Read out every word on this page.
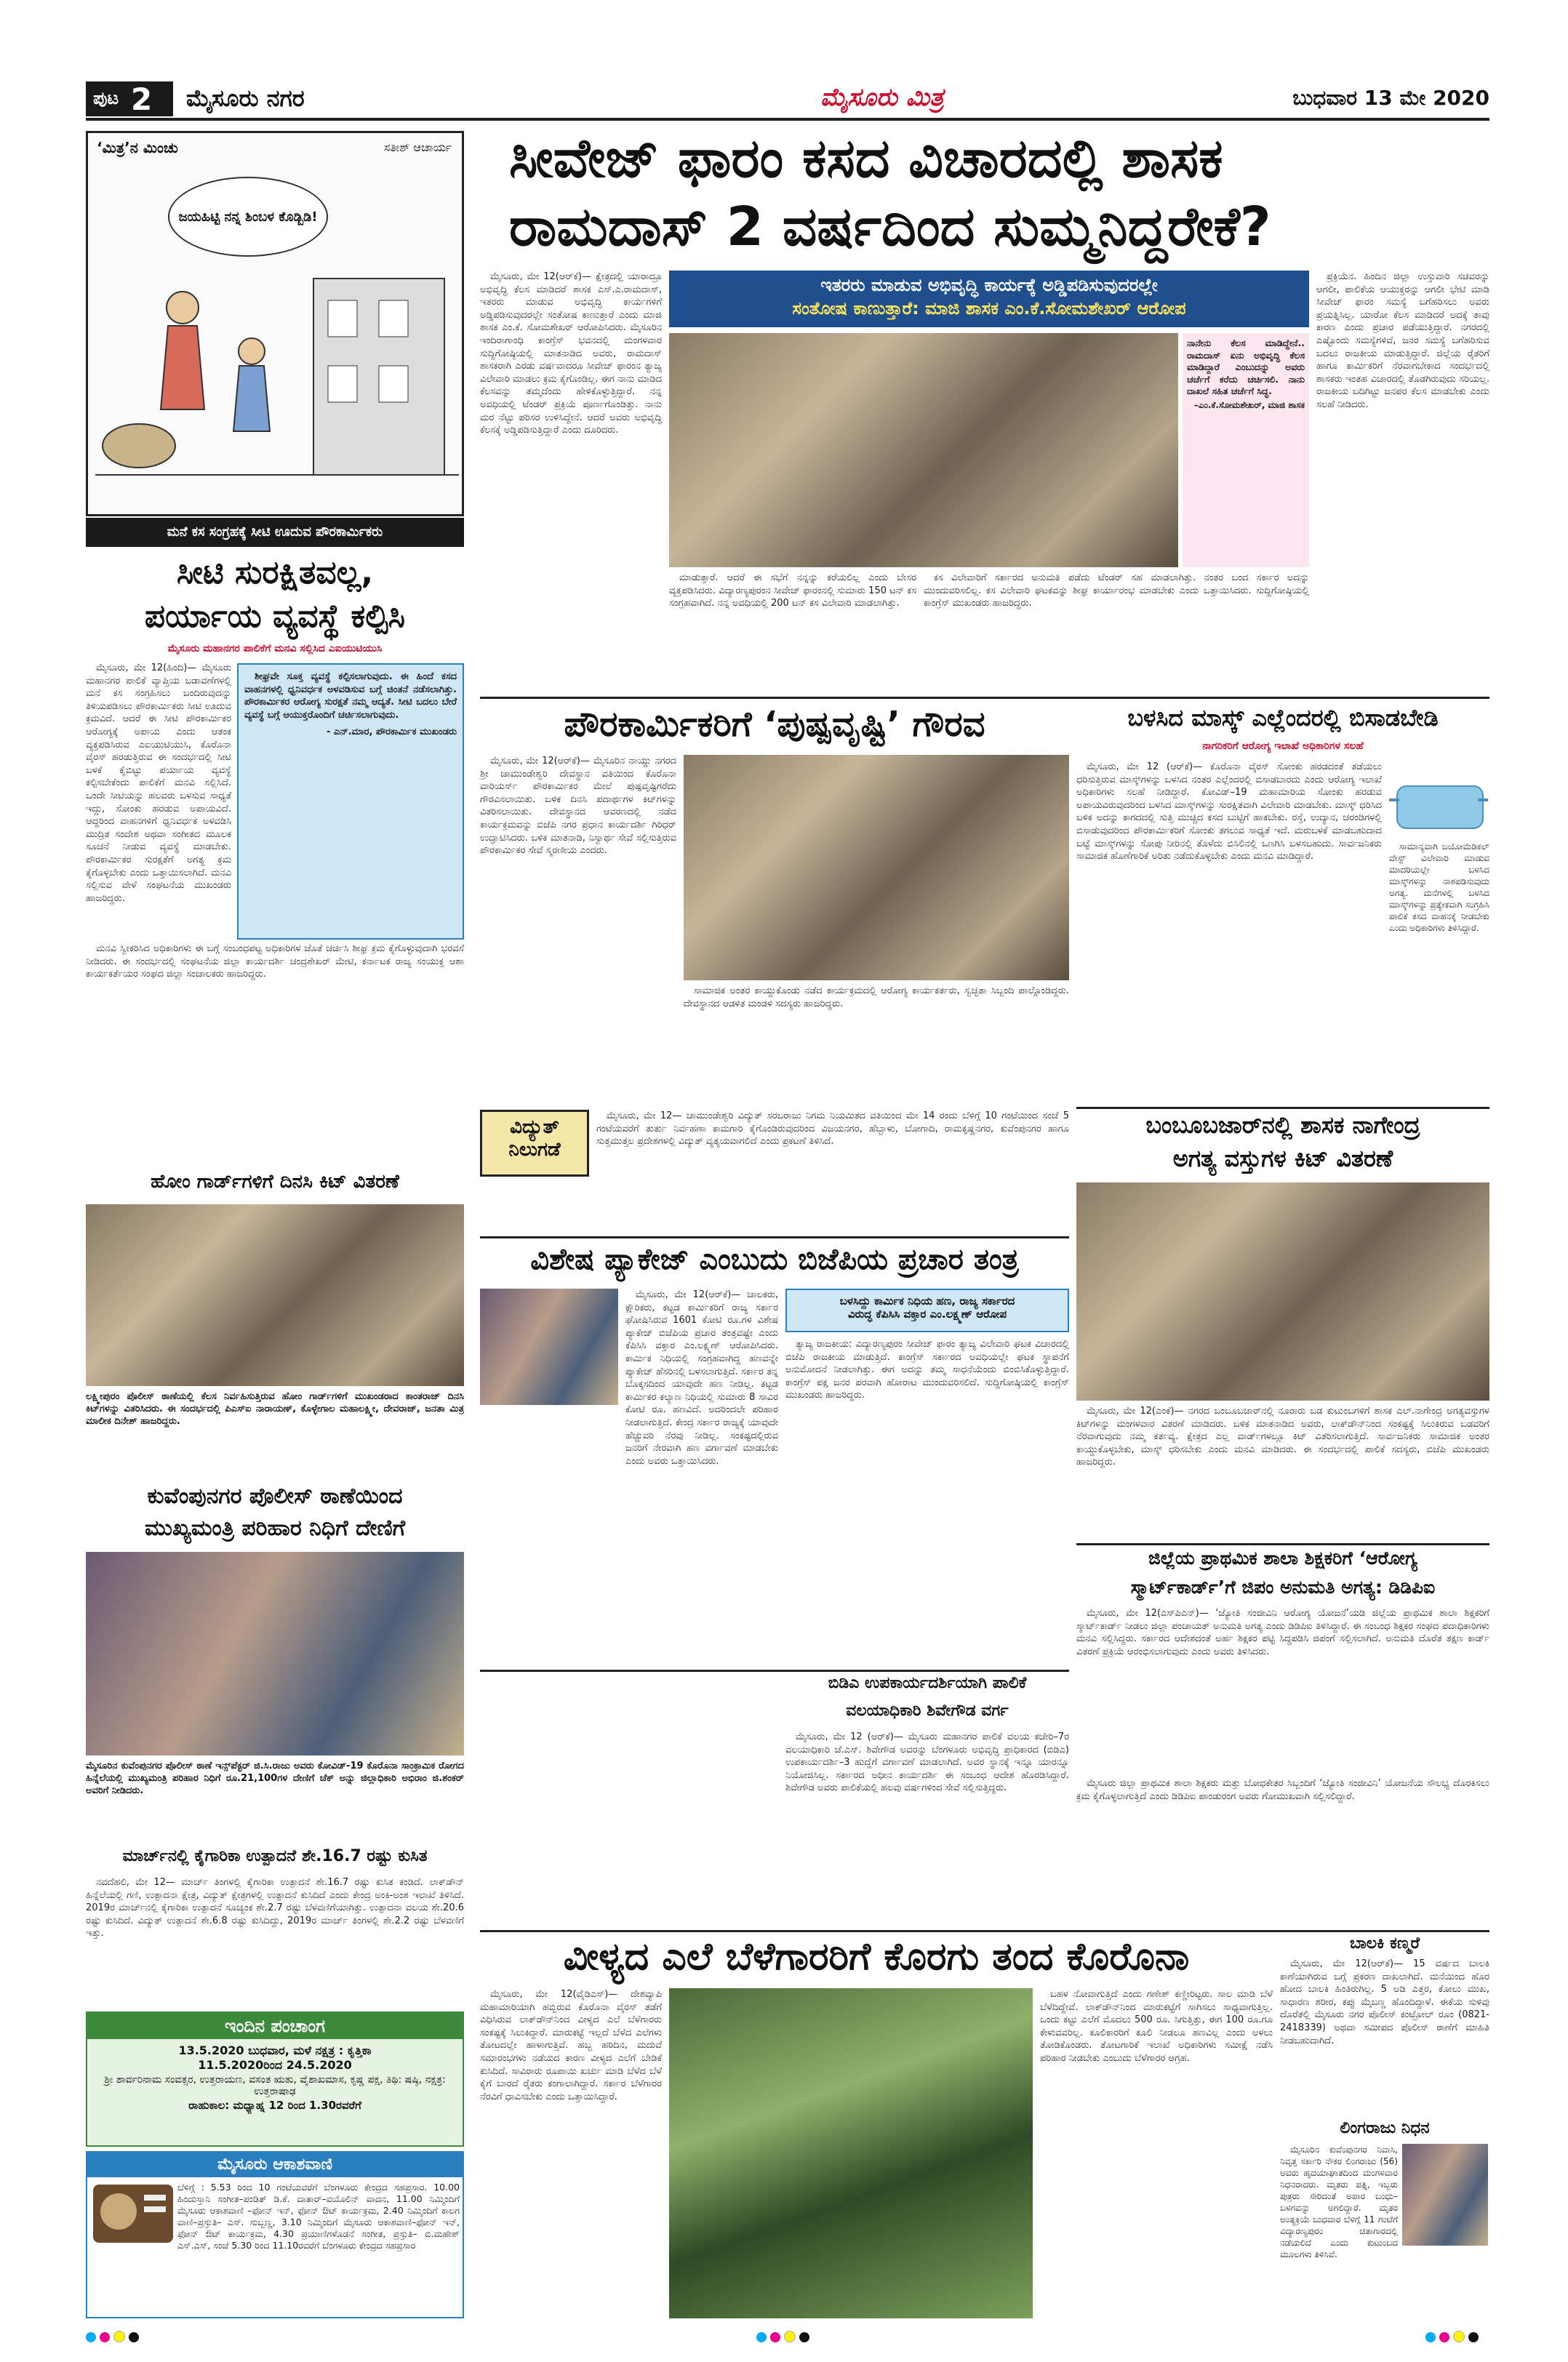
ಪುಟ 2 ಮೈಸೂರು ನಗರ	ಮೈಸೂರು ಮಿತ್ರ	ಬುಧವಾರ 13 ಮೇ 2020
‘ಮಿತ್ರ’ನ ಮಿಂಚು	ಸತೀಶ್ ಆಚಾರ್ಯ
ಜಯಹಿಟ್ಟಿ ನನ್ನ ಶಿಂಬಳ ಕೊಡ್ಬಿಡಿ!
ಮನೆ ಕಸ ಸಂಗ್ರಹಕ್ಕೆ ಸೀಟಿ ಊದುವ ಪೌರಕಾರ್ಮಿಕರು
ಸೀಟಿ ಸುರಕ್ಷಿತವಲ್ಲ,
ಪರ್ಯಾಯ ವ್ಯವಸ್ಥೆ ಕಲ್ಪಿಸಿ
ಮೈಸೂರು ಮಹಾನಗರ ಪಾಲಿಕೆಗೆ ಮನವಿ ಸಲ್ಲಿಸಿದ ಎಐಯುಟಿಯುಸಿ

ಮೈಸೂರು, ಮೇ 12(ಹಿಂದಿ)— ಮೈಸೂರು ಮಹಾನಗರ ಪಾಲಿಕೆ ವ್ಯಾಪ್ತಿಯ ಬಡಾವಣೆಗಳಲ್ಲಿ ಮನೆ ಕಸ ಸಂಗ್ರಹಿಸಲು ಬಂದಿರುವುದನ್ನು ತಿಳಿಯಪಡಿಸಲು ಪೌರಕಾರ್ಮಿಕರು ಸೀಟಿ ಊದುವ ಕ್ರಮವಿದೆ. ಆದರೆ ಈ ಸೀಟಿ ಪೌರಕಾರ್ಮಿಕರ ಆರೋಗ್ಯಕ್ಕೆ ಅಪಾಯ ಎಂದು ಆತಂಕ ವ್ಯಕ್ತಪಡಿಸಿರುವ ಎಐಯುಟಿಯುಸಿ, ಕೊರೊನಾ ವೈರಸ್ ಹರಡುತ್ತಿರುವ ಈ ಸಂದರ್ಭದಲ್ಲಿ ಸೀಟಿ ಬಳಕೆ ಕೈಬಿಟ್ಟು ಪರ್ಯಾಯ ವ್ಯವಸ್ಥೆ ಕಲ್ಪಿಸಬೇಕೆಂದು ಪಾಲಿಕೆಗೆ ಮನವಿ ಸಲ್ಲಿಸಿದೆ. ಒಂದೇ ಸೀಟಿಯನ್ನು ಹಲವರು ಬಳಸುವ ಸಾಧ್ಯತೆ ಇದ್ದು, ಸೋಂಕು ಹರಡುವ ಅಪಾಯವಿದೆ. ಆದ್ದರಿಂದ ವಾಹನಗಳಿಗೆ ಧ್ವನಿವರ್ಧಕ ಅಳವಡಿಸಿ ಮುದ್ರಿತ ಸಂದೇಶ ಅಥವಾ ಸಂಗೀತದ ಮೂಲಕ ಸೂಚನೆ ನೀಡುವ ವ್ಯವಸ್ಥೆ ಮಾಡಬೇಕು. ಪೌರಕಾರ್ಮಿಕರ ಸುರಕ್ಷತೆಗೆ ಅಗತ್ಯ ಕ್ರಮ ಕೈಗೊಳ್ಳಬೇಕು ಎಂದು ಒತ್ತಾಯಿಸಲಾಗಿದೆ. ಮನವಿ ಸಲ್ಲಿಸುವ ವೇಳೆ ಸಂಘಟನೆಯ ಮುಖಂಡರು ಹಾಜರಿದ್ದರು.

ಶೀಘ್ರವೇ ಸೂಕ್ತ ವ್ಯವಸ್ಥೆ ಕಲ್ಪಿಸಲಾಗುವುದು. ಈ ಹಿಂದೆ ಕಸದ ವಾಹನಗಳಲ್ಲಿ ಧ್ವನಿವರ್ಧಕ ಅಳವಡಿಸುವ ಬಗ್ಗೆ ಚಿಂತನೆ ನಡೆಸಲಾಗಿತ್ತು. ಪೌರಕಾರ್ಮಿಕರ ಆರೋಗ್ಯ ಸುರಕ್ಷತೆ ನಮ್ಮ ಆದ್ಯತೆ. ಸೀಟಿ ಬದಲು ಬೇರೆ ವ್ಯವಸ್ಥೆ ಬಗ್ಗೆ ಆಯುಕ್ತರೊಂದಿಗೆ ಚರ್ಚಿಸಲಾಗುವುದು.

- ಎನ್.ಮಾರ, ಪೌರಕಾರ್ಮಿಕ ಮುಖಂಡರು

ಮನವಿ ಸ್ವೀಕರಿಸಿದ ಅಧಿಕಾರಿಗಳು ಈ ಬಗ್ಗೆ ಸಂಬಂಧಪಟ್ಟ ಅಧಿಕಾರಿಗಳ ಜೊತೆ ಚರ್ಚಿಸಿ ಶೀಘ್ರ ಕ್ರಮ ಕೈಗೊಳ್ಳುವುದಾಗಿ ಭರವಸೆ ನೀಡಿದರು. ಈ ಸಂದರ್ಭದಲ್ಲಿ ಸಂಘಟನೆಯ ಜಿಲ್ಲಾ ಕಾರ್ಯದರ್ಶಿ ಚಂದ್ರಶೇಖರ್ ಮೇಟಿ, ಕರ್ನಾಟಕ ರಾಜ್ಯ ಸಂಯುಕ್ತ ಆಶಾ ಕಾರ್ಯಕರ್ತೆಯರ ಸಂಘದ ಜಿಲ್ಲಾ ಸಂಚಾಲಕರು ಹಾಜರಿದ್ದರು.

ಹೋಂ ಗಾರ್ಡ್‌ಗಳಿಗೆ ದಿನಸಿ ಕಿಟ್ ವಿತರಣೆ
ಲಕ್ಷ್ಮೀಪುರಂ ಪೊಲೀಸ್ ಠಾಣೆಯಲ್ಲಿ ಕೆಲಸ ನಿರ್ವಹಿಸುತ್ತಿರುವ ಹೋಂ ಗಾರ್ಡ್‌ಗಳಿಗೆ ಮುಖಂಡರಾದ ಕಾಂತರಾಜ್ ದಿನಸಿ ಕಿಟ್‌ಗಳನ್ನು ವಿತರಿಸಿದರು. ಈ ಸಂದರ್ಭದಲ್ಲಿ ಪಿಎಸ್‌ಐ ನಾರಾಯಣ್, ಕೊಳ್ಳೇಗಾಲ ಮಹಾಲಕ್ಷ್ಮೀ, ದೇವರಾಜ್, ಜನತಾ ಮಿತ್ರ ಮಾಲೀಕ ದಿನೇಶ್ ಹಾಜರಿದ್ದರು.
ಕುವೆಂಪುನಗರ ಪೊಲೀಸ್ ಠಾಣೆಯಿಂದ
ಮುಖ್ಯಮಂತ್ರಿ ಪರಿಹಾರ ನಿಧಿಗೆ ದೇಣಿಗೆ
ಮೈಸೂರಿನ ಕುವೆಂಪುನಗರ ಪೊಲೀಸ್ ಠಾಣೆ ಇನ್ಸ್‌ಪೆಕ್ಟರ್ ಜಿ.ಸಿ.ರಾಜು ಅವರು ಕೋವಿಡ್-19 ಕೊರೊನಾ ಸಾಂಕ್ರಾಮಿಕ ರೋಗದ ಹಿನ್ನೆಲೆಯಲ್ಲಿ ಮುಖ್ಯಮಂತ್ರಿ ಪರಿಹಾರ ನಿಧಿಗೆ ರೂ.21,100ಗಳ ದೇಣಿಗೆ ಚೆಕ್ ಅನ್ನು ಜಿಲ್ಲಾಧಿಕಾರಿ ಅಭಿರಾಂ ಜಿ.ಶಂಕರ್ ಅವರಿಗೆ ನೀಡಿದರು.
ಮಾರ್ಚ್‌ನಲ್ಲಿ ಕೈಗಾರಿಕಾ ಉತ್ಪಾದನೆ ಶೇ.16.7 ರಷ್ಟು ಕುಸಿತ

ನವದೆಹಲಿ, ಮೇ 12— ಮಾರ್ಚ್ ತಿಂಗಳಲ್ಲಿ ಕೈಗಾರಿಕಾ ಉತ್ಪಾದನೆ ಶೇ.16.7 ರಷ್ಟು ಕುಸಿತ ಕಂಡಿದೆ. ಲಾಕ್‌ಡೌನ್ ಹಿನ್ನೆಲೆಯಲ್ಲಿ ಗಣಿ, ಉತ್ಪಾದನಾ ಕ್ಷೇತ್ರ, ವಿದ್ಯುತ್ ಕ್ಷೇತ್ರಗಳಲ್ಲಿ ಉತ್ಪಾದನೆ ಕುಸಿದಿದೆ ಎಂದು ಕೇಂದ್ರ ಅಂಕಿ-ಅಂಶ ಇಲಾಖೆ ತಿಳಿಸಿದೆ. 2019ರ ಮಾರ್ಚ್‌ನಲ್ಲಿ ಕೈಗಾರಿಕಾ ಉತ್ಪಾದನೆ ಸೂಚ್ಯಂಕ ಶೇ.2.7 ರಷ್ಟು ಬೆಳವಣಿಗೆಯಾಗಿತ್ತು. ಉತ್ಪಾದನಾ ವಲಯ ಶೇ.20.6 ರಷ್ಟು ಕುಸಿದಿದೆ. ವಿದ್ಯುತ್ ಉತ್ಪಾದನೆ ಶೇ.6.8 ರಷ್ಟು ಕುಸಿದಿದ್ದು, 2019ರ ಮಾರ್ಚ್ ತಿಂಗಳಲ್ಲಿ ಶೇ.2.2 ರಷ್ಟು ಬೆಳವಣಿಗೆ ಇತ್ತು.

ಇಂದಿನ ಪಂಚಾಂಗ
13.5.2020 ಬುಧವಾರ, ಮಳೆ ನಕ್ಷತ್ರ : ಕೃತ್ತಿಕಾ
11.5.2020ರಿಂದ 24.5.2020
ಶ್ರೀ ಶಾರ್ವರಿನಾಮ ಸಂವತ್ಸರ, ಉತ್ತರಾಯಣ, ವಸಂತ ಋತು, ವೈಶಾಖಮಾಸ, ಕೃಷ್ಣ ಪಕ್ಷ, ತಿಥಿ: ಷಷ್ಠಿ, ನಕ್ಷತ್ರ: ಉತ್ತರಾಷಾಢ
ರಾಹುಕಾಲ: ಮಧ್ಯಾಹ್ನ 12 ರಿಂದ 1.30ರವರೆಗೆ
ಮೈಸೂರು ಆಕಾಶವಾಣಿ

ಬೆಳಿಗ್ಗೆ : 5.53 ರಿಂದ 10 ಗಂಟೆಯವರೆಗೆ ಬೆಂಗಳೂರು ಕೇಂದ್ರದ ಸಹಪ್ರಸಾರ. 10.00 ಹಿಂದುಸ್ತಾನಿ ಸಂಗೀತ–ಪಂಡಿತ್ ಡಿ.ಕೆ. ದಾತಾರ್–ವಯೊಲಿನ್ ವಾದನ, 11.00 ನಿಮ್ಮಿಂದಿಗೆ ಮೈಸೂರು ಆಕಾಶವಾಣಿ –ಫೋನ್ ಇನ್, ಫೋನ್ ಔಟ್ ಕಾರ್ಯಕ್ರಮ, 2.40 ನಿಮ್ಮಿಂದಿಗೆ ಕಾಲಗ ವಾಣಿ–ಪ್ರಸ್ತುತಿ– ಎಸ್. ಸುಬ್ಬಣ್ಣ, 3.10 ನಿಮ್ಮಿಂದಿಗೆ ಮೈಸೂರು ಆಕಾಶವಾಣಿ–ಫೋನ್ ಇನ್, ಫೋನ್ ಔಟ್ ಕಾರ್ಯಕ್ರಮ, 4.30 ಪ್ರಯಾಣಿಗಳೊಡನೆ ಸಂಗೀತ, ಪ್ರಸ್ತುತಿ– ಬಿ.ಮಹೇಶ್ ಎಸ್.ಎಸ್, ಸಂಜೆ 5.30 ರಿಂದ 11.10ರವರೆಗೆ ಬೆಂಗಳೂರು ಕೇಂದ್ರದ ಸಹಪ್ರಸಾರ

ಸೀವೇಜ್ ಫಾರಂ ಕಸದ ವಿಚಾರದಲ್ಲಿ ಶಾಸಕ
ರಾಮದಾಸ್ 2 ವರ್ಷದಿಂದ ಸುಮ್ಮನಿದ್ದರೇಕೆ?

ಮೈಸೂರು, ಮೇ 12(ಆರ್‌ಕೆ)— ಕ್ಷೇತ್ರದಲ್ಲಿ ಯಾರಾದ್ರೂ ಅಭಿವೃದ್ಧಿ ಕೆಲಸ ಮಾಡಿದರೆ ಶಾಸಕ ಎಸ್.ಎ.ರಾಮದಾಸ್, ಇತರರು ಮಾಡುವ ಅಭಿವೃದ್ಧಿ ಕಾರ್ಯಗಳಿಗೆ ಅಡ್ಡಿಪಡಿಸುವುದರಲ್ಲೇ ಸಂತೋಷ ಕಾಣುತ್ತಾರೆ ಎಂದು ಮಾಜಿ ಶಾಸಕ ಎಂ.ಕೆ. ಸೋಮಶೇಖರ್ ಆರೋಪಿಸಿದರು. ಮೈಸೂರಿನ ಇಂದಿರಾಗಾಂಧಿ ಕಾಂಗ್ರೆಸ್ ಭವನದಲ್ಲಿ ಮಂಗಳವಾರ ಸುದ್ದಿಗೋಷ್ಠಿಯಲ್ಲಿ ಮಾತನಾಡಿದ ಅವರು, ರಾಮದಾಸ್ ಶಾಸಕರಾಗಿ ಎರಡು ವರ್ಷವಾದರೂ ಸೀವೇಜ್ ಫಾರಂನ ತ್ಯಾಜ್ಯ ವಿಲೇವಾರಿ ಮಾಡಲು ಕ್ರಮ ಕೈಗೊಂಡಿಲ್ಲ. ಈಗ ನಾನು ಮಾಡಿದ ಕೆಲಸವನ್ನು ತಮ್ಮದೆಂದು ಹೇಳಿಕೊಳ್ಳುತ್ತಿದ್ದಾರೆ. ನನ್ನ ಅವಧಿಯಲ್ಲಿ ಟೆಂಡರ್ ಪ್ರಕ್ರಿಯೆ ಪೂರ್ಣಗೊಂಡಿತ್ತು. ನಾನು ಮರ ನೆಟ್ಟು ಪರಿಸರ ಉಳಿಸಿದ್ದೇನೆ. ಆದರೆ ಅವರು ಅಭಿವೃದ್ಧಿ ಕೆಲಸಕ್ಕೆ ಅಡ್ಡಿಪಡಿಸುತ್ತಿದ್ದಾರೆ ಎಂದು ದೂರಿದರು.

ಇತರರು ಮಾಡುವ ಅಭಿವೃದ್ಧಿ ಕಾರ್ಯಕ್ಕೆ ಅಡ್ಡಿಪಡಿಸುವುದರಲ್ಲೇ
ಸಂತೋಷ ಕಾಣುತ್ತಾರೆ: ಮಾಜಿ ಶಾಸಕ ಎಂ.ಕೆ.ಸೋಮಶೇಖರ್ ಆರೋಪ

ನಾನೇನು ಕೆಲಸ ಮಾಡಿದ್ದೇನೆ.. ರಾಮದಾಸ್ ಏನು ಅಭಿವೃದ್ಧಿ ಕೆಲಸ ಮಾಡಿದ್ದಾರೆ ಎಂಬುದನ್ನು ಅವರು ಚರ್ಚೆಗೆ ಕರೆದು ಚರ್ಚಿಸಲಿ. ನಾನು ದಾಖಲೆ ಸಹಿತ ಚರ್ಚೆಗೆ ಸಿದ್ಧ.

–ಎಂ.ಕೆ.ಸೋಮಶೇಖರ್, ಮಾಜಿ ಶಾಸಕ

ಮಾಡುತ್ತಾರೆ. ಆದರೆ ಈ ಸಭೆಗೆ ನನ್ನನ್ನು ಕರೆಯಲಿಲ್ಲ ಎಂದು ಬೇಸರ ವ್ಯಕ್ತಪಡಿಸಿದರು. ವಿದ್ಯಾರಣ್ಯಪುರಂನ ಸೀವೇಜ್ ಫಾರಂನಲ್ಲಿ ಸುಮಾರು 150 ಟನ್ ಕಸ ಸಂಗ್ರಹವಾಗಿದೆ. ನನ್ನ ಅವಧಿಯಲ್ಲಿ 200 ಟನ್ ಕಸ ವಿಲೇವಾರಿ ಮಾಡಲಾಗಿತ್ತು.

ಕಸ ವಿಲೇವಾರಿಗೆ ಸರ್ಕಾರದ ಅನುಮತಿ ಪಡೆದು ಟೆಂಡರ್ ಸಹ ಮಾಡಲಾಗಿತ್ತು. ನಂತರ ಬಂದ ಸರ್ಕಾರ ಅದನ್ನು ಮುಂದುವರಿಸಲಿಲ್ಲ. ಕಸ ವಿಲೇವಾರಿ ಘಟಕವನ್ನು ಶೀಘ್ರ ಕಾರ್ಯಾರಂಭ ಮಾಡಬೇಕು ಎಂದು ಒತ್ತಾಯಿಸಿದರು. ಸುದ್ದಿಗೋಷ್ಠಿಯಲ್ಲಿ ಕಾಂಗ್ರೆಸ್ ಮುಖಂಡರು ಹಾಜರಿದ್ದರು.

ಪ್ರಕ್ರಿಯೆನ. ಹಿಂದಿನ ಜಿಲ್ಲಾ ಉಸ್ತುವಾರಿ ಸಚಿವರನ್ನು ಆಗಲೀ, ಪಾಲಿಕೆಯ ಆಯುಕ್ತರನ್ನು ಆಗಲೀ ಭೇಟಿ ಮಾಡಿ ಸೀವೇಜ್ ಫಾರಂ ಸಮಸ್ಯೆ ಬಗೆಹರಿಸಲು ಅವರು ಪ್ರಯತ್ನಿಸಿಲ್ಲ. ಯಾರೋ ಕೆಲಸ ಮಾಡಿದರೆ ಅದಕ್ಕೆ ತಾವು ಕಾರಣ ಎಂದು ಪ್ರಚಾರ ಪಡೆಯುತ್ತಿದ್ದಾರೆ. ನಗರದಲ್ಲಿ ಎಷ್ಟೊಂದು ಸಮಸ್ಯೆಗಳಿವೆ, ಜನರ ಸಮಸ್ಯೆ ಬಗೆಹರಿಸುವ ಬದಲು ರಾಜಕೀಯ ಮಾಡುತ್ತಿದ್ದಾರೆ. ಜಿಲ್ಲೆಯ ರೈತರಿಗೆ ಹಾಗೂ ಕಾರ್ಮಿಕರಿಗೆ ನೆರವಾಗಬೇಕಾದ ಸಂದರ್ಭದಲ್ಲಿ ಶಾಸಕರು ಇಂತಹ ವಿಚಾರದಲ್ಲಿ ತೊಡಗಿರುವುದು ಸರಿಯಲ್ಲ. ರಾಜಕೀಯ ಬದಿಗಿಟ್ಟು ಜನಪರ ಕೆಲಸ ಮಾಡಬೇಕು ಎಂದು ಸಲಹೆ ನೀಡಿದರು.

ಪೌರಕಾರ್ಮಿಕರಿಗೆ ‘ಪುಷ್ಪವೃಷ್ಟಿ’ ಗೌರವ

ಮೈಸೂರು, ಮೇ 12(ಆರ್‌ಕೆ)— ಮೈಸೂರಿನ ನಾಯ್ಡು ನಗರದ ಶ್ರೀ ಚಾಮುಂಡೇಶ್ವರಿ ದೇವಸ್ಥಾನ ವತಿಯಿಂದ ಕೊರೊನಾ ವಾರಿಯರ್ಸ್ ಪೌರಕಾರ್ಮಿಕರ ಮೇಲೆ ಪುಷ್ಪವೃಷ್ಟಿಗರೆದು ಗೌರವಿಸಲಾಯಿತು. ಬಳಿಕ ದಿನಸಿ ಪದಾರ್ಥಗಳ ಕಿಟ್‌ಗಳನ್ನು ವಿತರಿಸಲಾಯಿತು. ದೇವಸ್ಥಾನದ ಆವರಣದಲ್ಲಿ ನಡೆದ ಕಾರ್ಯಕ್ರಮವನ್ನು ಬಿಜೆಪಿ ನಗರ ಪ್ರಧಾನ ಕಾರ್ಯದರ್ಶಿ ಗಿರಿಧರ್ ಉದ್ಘಾಟಿಸಿದರು. ಬಳಿಕ ಮಾತನಾಡಿ, ನಿಸ್ವಾರ್ಥ ಸೇವೆ ಸಲ್ಲಿಸುತ್ತಿರುವ ಪೌರಕಾರ್ಮಿಕರ ಸೇವೆ ಸ್ಮರಣೀಯ ಎಂದರು.

ಸಾಮಾಜಿಕ ಅಂತರ ಕಾಯ್ದುಕೊಂಡು ನಡೆದ ಕಾರ್ಯಕ್ರಮದಲ್ಲಿ ಆರೋಗ್ಯ ಕಾರ್ಯಕರ್ತರು, ಸ್ವಚ್ಛತಾ ಸಿಬ್ಬಂದಿ ಪಾಲ್ಗೊಂಡಿದ್ದರು. ದೇವಸ್ಥಾನದ ಆಡಳಿತ ಮಂಡಳಿ ಸದಸ್ಯರು ಹಾಜರಿದ್ದರು.

ವಿದ್ಯುತ್
ನಿಲುಗಡೆ

ಮೈಸೂರು, ಮೇ 12— ಚಾಮುಂಡೇಶ್ವರಿ ವಿದ್ಯುತ್ ಸರಬರಾಜು ನಿಗಮ ನಿಯಮಿತದ ವತಿಯಿಂದ ಮೇ 14 ರಂದು ಬೆಳಿಗ್ಗೆ 10 ಗಂಟೆಯಿಂದ ಸಂಜೆ 5 ಗಂಟೆಯವರೆಗೆ ತುರ್ತು ನಿರ್ವಹಣಾ ಕಾಮಗಾರಿ ಕೈಗೊಂಡಿರುವುದರಿಂದ ವಿಜಯನಗರ, ಹೆಬ್ಬಾಳು, ಬೋಗಾದಿ, ರಾಮಕೃಷ್ಣನಗರ, ಕುವೆಂಪುನಗರ ಹಾಗೂ ಸುತ್ತಮುತ್ತಲ ಪ್ರದೇಶಗಳಲ್ಲಿ ವಿದ್ಯುತ್ ವ್ಯತ್ಯಯವಾಗಲಿದೆ ಎಂದು ಪ್ರಕಟಣೆ ತಿಳಿಸಿದೆ.

ವಿಶೇಷ ಪ್ಯಾಕೇಜ್ ಎಂಬುದು ಬಿಜೆಪಿಯ ಪ್ರಚಾರ ತಂತ್ರ
ಬಳಸಿದ್ದು ಕಾರ್ಮಿಕ ನಿಧಿಯ ಹಣ, ರಾಜ್ಯ ಸರ್ಕಾರದ
ವಿರುದ್ಧ ಕೆಪಿಸಿಸಿ ವಕ್ತಾರ ಎಂ.ಲಕ್ಷ್ಮಣ್ ಆರೋಪ

ಮೈಸೂರು, ಮೇ 12(ಆರ್‌ಕೆ)— ಚಾಲಕರು, ಕ್ಷೌರಿಕರು, ಕಟ್ಟಡ ಕಾರ್ಮಿಕರಿಗೆ ರಾಜ್ಯ ಸರ್ಕಾರ ಘೋಷಿಸಿರುವ 1601 ಕೋಟಿ ರೂ.ಗಳ ವಿಶೇಷ ಪ್ಯಾಕೇಜ್ ಬಿಜೆಪಿಯ ಪ್ರಚಾರ ತಂತ್ರವಷ್ಟೇ ಎಂದು ಕೆಪಿಸಿಸಿ ವಕ್ತಾರ ಎಂ.ಲಕ್ಷ್ಮಣ್ ಆರೋಪಿಸಿದರು. ಕಾರ್ಮಿಕ ನಿಧಿಯಲ್ಲಿ ಸಂಗ್ರಹವಾಗಿದ್ದ ಹಣವನ್ನೇ ಪ್ಯಾಕೇಜ್ ಹೆಸರಿನಲ್ಲಿ ಬಳಸಲಾಗುತ್ತಿದೆ. ಸರ್ಕಾರ ತನ್ನ ಬೊಕ್ಕಸದಿಂದ ಯಾವುದೇ ಹಣ ನೀಡಿಲ್ಲ. ಕಟ್ಟಡ ಕಾರ್ಮಿಕರ ಕಲ್ಯಾಣ ನಿಧಿಯಲ್ಲಿ ಸುಮಾರು 8 ಸಾವಿರ ಕೋಟಿ ರೂ. ಹಣವಿದೆ. ಅದರಿಂದಲೇ ಪರಿಹಾರ ನೀಡಲಾಗುತ್ತಿದೆ. ಕೇಂದ್ರ ಸರ್ಕಾರ ರಾಜ್ಯಕ್ಕೆ ಯಾವುದೇ ಹೆಚ್ಚುವರಿ ನೆರವು ನೀಡಿಲ್ಲ. ಸಂಕಷ್ಟದಲ್ಲಿರುವ ಜನರಿಗೆ ನೇರವಾಗಿ ಹಣ ವರ್ಗಾವಣೆ ಮಾಡಬೇಕು ಎಂದು ಅವರು ಒತ್ತಾಯಿಸಿದರು.

ತ್ಯಾಜ್ಯ ರಾಜಕೀಯ: ವಿದ್ಯಾರಣ್ಯಪುರಂ ಸೀವೇಜ್ ಫಾರಂ ತ್ಯಾಜ್ಯ ವಿಲೇವಾರಿ ಘಟಕ ವಿಚಾರದಲ್ಲಿ ಬಿಜೆಪಿ ರಾಜಕೀಯ ಮಾಡುತ್ತಿದೆ. ಕಾಂಗ್ರೆಸ್ ಸರ್ಕಾರದ ಅವಧಿಯಲ್ಲೇ ಘಟಕ ಸ್ಥಾಪನೆಗೆ ಅನುಮೋದನೆ ನೀಡಲಾಗಿತ್ತು. ಈಗ ಅದನ್ನು ತಮ್ಮ ಸಾಧನೆಯೆಂದು ಬಿಂಬಿಸಿಕೊಳ್ಳುತ್ತಿದ್ದಾರೆ. ಕಾಂಗ್ರೆಸ್ ಪಕ್ಷ ಜನರ ಪರವಾಗಿ ಹೋರಾಟ ಮುಂದುವರಿಸಲಿದೆ. ಸುದ್ದಿಗೋಷ್ಠಿಯಲ್ಲಿ ಕಾಂಗ್ರೆಸ್ ಮುಖಂಡರು ಹಾಜರಿದ್ದರು.

ಬಿಡಿಎ ಉಪಕಾರ್ಯದರ್ಶಿಯಾಗಿ ಪಾಲಿಕೆ
ವಲಯಾಧಿಕಾರಿ ಶಿವೇಗೌಡ ವರ್ಗ

ಮೈಸೂರು, ಮೇ 12 (ಆರ್‌ಕೆ)— ಮೈಸೂರು ಮಹಾನಗರ ಪಾಲಿಕೆ ವಲಯ ಕಚೇರಿ–7ರ ವಲಯಾಧಿಕಾರಿ ಜೆ.ಎಸ್. ಶಿವೇಗೌಡ ಅವರನ್ನು ಬೆಂಗಳೂರು ಅಭಿವೃದ್ಧಿ ಪ್ರಾಧಿಕಾರದ (ಬಿಡಿಎ) ಉಪಕಾರ್ಯದರ್ಶಿ–3 ಹುದ್ದೆಗೆ ವರ್ಗಾವಣೆ ಮಾಡಲಾಗಿದೆ. ಅವರ ಸ್ಥಾನಕ್ಕೆ ಇನ್ನೂ ಯಾರನ್ನೂ ನಿಯೋಜಿಸಿಲ್ಲ. ಸರ್ಕಾರದ ಅಧೀನ ಕಾರ್ಯದರ್ಶಿ ಈ ಸಂಬಂಧ ಆದೇಶ ಹೊರಡಿಸಿದ್ದಾರೆ. ಶಿವೇಗೌಡ ಅವರು ಪಾಲಿಕೆಯಲ್ಲಿ ಹಲವು ವರ್ಷಗಳಿಂದ ಸೇವೆ ಸಲ್ಲಿಸುತ್ತಿದ್ದರು.

ವೀಳ್ಯದ ಎಲೆ ಬೆಳೆಗಾರರಿಗೆ ಕೊರಗು ತಂದ ಕೊರೊನಾ

ಮೈಸೂರು, ಮೇ 12(ವೈಡಿಎಸ್)— ದೇಶವ್ಯಾಪಿ ಮಹಾಮಾರಿಯಾಗಿ ಹಬ್ಬಿರುವ ಕೊರೊನಾ ವೈರಸ್ ತಡೆಗೆ ವಿಧಿಸಿರುವ ಲಾಕ್‌ಡೌನ್‌ನಿಂದ ವೀಳ್ಯದ ಎಲೆ ಬೆಳೆಗಾರರು ಸಂಕಷ್ಟಕ್ಕೆ ಸಿಲುಕಿದ್ದಾರೆ. ಮಾರುಕಟ್ಟೆ ಇಲ್ಲದೆ ಬೆಳೆದ ಎಲೆಗಳು ತೋಟದಲ್ಲೇ ಹಾಳಾಗುತ್ತಿವೆ. ಹಬ್ಬ ಹರಿದಿನ, ಮದುವೆ ಸಮಾರಂಭಗಳು ನಡೆಯದ ಕಾರಣ ವೀಳ್ಯದ ಎಲೆಗೆ ಬೇಡಿಕೆ ಕುಸಿದಿದೆ. ಸಾವಿರಾರು ರೂಪಾಯಿ ಖರ್ಚು ಮಾಡಿ ಬೆಳೆದ ಬೆಳೆ ಕೈಗೆ ಬಾರದೆ ರೈತರು ಕಂಗಾಲಾಗಿದ್ದಾರೆ. ಸರ್ಕಾರ ಬೆಳೆಗಾರರ ನೆರವಿಗೆ ಧಾವಿಸಬೇಕು ಎಂದು ಒತ್ತಾಯಿಸಿದ್ದಾರೆ.

ಬಹಳ ನೋವಾಗುತ್ತಿದೆ ಎಂದು ಗಣೇಶ್ ಕಣ್ಣೀರಿಟ್ಟರು. ಸಾಲ ಮಾಡಿ ಬೆಳೆ ಬೆಳೆದಿದ್ದೇವೆ. ಲಾಕ್‌ಡೌನ್‌ನಿಂದ ಮಾರುಕಟ್ಟೆಗೆ ಸಾಗಿಸಲು ಸಾಧ್ಯವಾಗುತ್ತಿಲ್ಲ. ಒಂದು ಕಟ್ಟು ಎಲೆಗೆ ಮೊದಲು 500 ರೂ. ಸಿಗುತ್ತಿತ್ತು, ಈಗ 100 ರೂ.ಗೂ ಕೇಳುವವರಿಲ್ಲ. ಕೂಲಿಕಾರರಿಗೆ ಕೂಲಿ ನೀಡಲೂ ಹಣವಿಲ್ಲ ಎಂದು ಅಳಲು ತೋಡಿಕೊಂಡರು. ತೋಟಗಾರಿಕೆ ಇಲಾಖೆ ಅಧಿಕಾರಿಗಳು ಸಮೀಕ್ಷೆ ನಡೆಸಿ ಪರಿಹಾರ ನೀಡಬೇಕು ಎಂಬುದು ಬೆಳೆಗಾರರ ಆಗ್ರಹ.

ಬಳಸಿದ ಮಾಸ್ಕ್ ಎಲ್ಲೆಂದರಲ್ಲಿ ಬಿಸಾಡಬೇಡಿ
ನಾಗರಿಕರಿಗೆ ಆರೋಗ್ಯ ಇಲಾಖೆ ಅಧಿಕಾರಿಗಳ ಸಲಹೆ

ಮೈಸೂರು, ಮೇ 12 (ಆರ್‌ಕೆ)— ಕೊರೊನಾ ವೈರಸ್ ಸೋಂಕು ಹರಡದಂತೆ ತಡೆಯಲು ಧರಿಸುತ್ತಿರುವ ಮಾಸ್ಕ್‌ಗಳನ್ನು ಬಳಸಿದ ನಂತರ ಎಲ್ಲೆಂದರಲ್ಲಿ ಬಿಸಾಡಬಾರದು ಎಂದು ಆರೋಗ್ಯ ಇಲಾಖೆ ಅಧಿಕಾರಿಗಳು ಸಲಹೆ ನೀಡಿದ್ದಾರೆ. ಕೋವಿಡ್–19 ಮಹಾಮಾರಿಯ ಸೋಂಕು ಹರಡುವ ಅಪಾಯವಿರುವುದರಿಂದ ಬಳಸಿದ ಮಾಸ್ಕ್‌ಗಳನ್ನು ಸುರಕ್ಷಿತವಾಗಿ ವಿಲೇವಾರಿ ಮಾಡಬೇಕು. ಮಾಸ್ಕ್ ಧರಿಸಿದ ಬಳಿಕ ಅದನ್ನು ಕಾಗದದಲ್ಲಿ ಸುತ್ತಿ ಮುಚ್ಚಿದ ಕಸದ ಬುಟ್ಟಿಗೆ ಹಾಕಬೇಕು. ರಸ್ತೆ, ಉದ್ಯಾನ, ಚರಂಡಿಗಳಲ್ಲಿ ಬಿಸಾಡುವುದರಿಂದ ಪೌರಕಾರ್ಮಿಕರಿಗೆ ಸೋಂಕು ತಗಲುವ ಸಾಧ್ಯತೆ ಇದೆ. ಮರುಬಳಕೆ ಮಾಡಬಹುದಾದ ಬಟ್ಟೆ ಮಾಸ್ಕ್‌ಗಳನ್ನು ಸೋಪು ನೀರಿನಲ್ಲಿ ತೊಳೆದು ಬಿಸಿಲಿನಲ್ಲಿ ಒಣಗಿಸಿ ಬಳಸಬಹುದು. ಸಾರ್ವಜನಿಕರು ಸಾಮಾಜಿಕ ಹೊಣೆಗಾರಿಕೆ ಅರಿತು ನಡೆದುಕೊಳ್ಳಬೇಕು ಎಂದು ಮನವಿ ಮಾಡಿದ್ದಾರೆ.

ಸಾಮಾನ್ಯವಾಗಿ ಬಯೋಮೆಡಿಕಲ್ ವೇಸ್ಟ್ ವಿಲೇವಾರಿ ಮಾಡುವ ಮಾದರಿಯಲ್ಲೇ ಬಳಸಿದ ಮಾಸ್ಕ್‌ಗಳನ್ನು ನಾಶಪಡಿಸುವುದು ಅಗತ್ಯ. ಮನೆಗಳಲ್ಲಿ ಬಳಸಿದ ಮಾಸ್ಕ್‌ಗಳನ್ನು ಪ್ರತ್ಯೇಕವಾಗಿ ಸಂಗ್ರಹಿಸಿ ಪಾಲಿಕೆ ಕಸದ ವಾಹನಕ್ಕೆ ನೀಡಬೇಕು ಎಂದು ಅಧಿಕಾರಿಗಳು ತಿಳಿಸಿದ್ದಾರೆ.

ಬಂಬೂಬಜಾರ್‌ನಲ್ಲಿ ಶಾಸಕ ನಾಗೇಂದ್ರ
ಅಗತ್ಯ ವಸ್ತುಗಳ ಕಿಟ್ ವಿತರಣೆ

ಮೈಸೂರು, ಮೇ 12(ಎಂಕೆ)— ನಗರದ ಬಂಬೂಬಜಾರ್‌ನಲ್ಲಿ ನೂರಾರು ಬಡ ಕುಟುಂಬಗಳಿಗೆ ಶಾಸಕ ಎಲ್.ನಾಗೇಂದ್ರ ಅಗತ್ಯವಸ್ತುಗಳ ಕಿಟ್‌ಗಳನ್ನು ಮಂಗಳವಾರ ವಿತರಣೆ ಮಾಡಿದರು. ಬಳಿಕ ಮಾತನಾಡಿದ ಅವರು, ಲಾಕ್‌ಡೌನ್‌ನಿಂದ ಸಂಕಷ್ಟಕ್ಕೆ ಸಿಲುಕಿರುವ ಬಡವರಿಗೆ ನೆರವಾಗುವುದು ನಮ್ಮ ಕರ್ತವ್ಯ. ಕ್ಷೇತ್ರದ ಎಲ್ಲ ವಾರ್ಡ್‌ಗಳಲ್ಲೂ ಕಿಟ್ ವಿತರಿಸಲಾಗುತ್ತಿದೆ. ಸಾರ್ವಜನಿಕರು ಸಾಮಾಜಿಕ ಅಂತರ ಕಾಯ್ದುಕೊಳ್ಳಬೇಕು, ಮಾಸ್ಕ್ ಧರಿಸಬೇಕು ಎಂದು ಮನವಿ ಮಾಡಿದರು. ಈ ಸಂದರ್ಭದಲ್ಲಿ ಪಾಲಿಕೆ ಸದಸ್ಯರು, ಬಿಜೆಪಿ ಮುಖಂಡರು ಹಾಜರಿದ್ದರು.

ಜಿಲ್ಲೆಯ ಪ್ರಾಥಮಿಕ ಶಾಲಾ ಶಿಕ್ಷಕರಿಗೆ ‘ಆರೋಗ್ಯ
ಸ್ಮಾರ್ಟ್‌ಕಾರ್ಡ್’ಗೆ ಜಿಪಂ ಅನುಮತಿ ಅಗತ್ಯ: ಡಿಡಿಪಿಐ

ಮೈಸೂರು, ಮೇ 12(ಎಸ್‌ಪಿಎನ್)— ‘ಜ್ಯೋತಿ ಸಂಜೀವಿನಿ ಆರೋಗ್ಯ ಯೋಜನೆ’ಯಡಿ ಜಿಲ್ಲೆಯ ಪ್ರಾಥಮಿಕ ಶಾಲಾ ಶಿಕ್ಷಕರಿಗೆ ಸ್ಮಾರ್ಟ್‌ಕಾರ್ಡ್ ನೀಡಲು ಜಿಲ್ಲಾ ಪಂಚಾಯತ್ ಅನುಮತಿ ಅಗತ್ಯ ಎಂದು ಡಿಡಿಪಿಐ ತಿಳಿಸಿದ್ದಾರೆ. ಈ ಸಂಬಂಧ ಶಿಕ್ಷಕರ ಸಂಘದ ಪದಾಧಿಕಾರಿಗಳು ಮನವಿ ಸಲ್ಲಿಸಿದ್ದರು. ಸರ್ಕಾರದ ಆದೇಶದಂತೆ ಅರ್ಹ ಶಿಕ್ಷಕರ ಪಟ್ಟಿ ಸಿದ್ಧಪಡಿಸಿ ಜಿಪಂಗೆ ಸಲ್ಲಿಸಲಾಗಿದೆ. ಅನುಮತಿ ದೊರೆತ ತಕ್ಷಣ ಕಾರ್ಡ್ ವಿತರಣೆ ಪ್ರಕ್ರಿಯೆ ಆರಂಭಿಸಲಾಗುವುದು ಎಂದು ಅವರು ತಿಳಿಸಿದರು.

ಮೈಸೂರು ಜಿಲ್ಲಾ ಪ್ರಾಥಮಿಕ ಶಾಲಾ ಶಿಕ್ಷಕರು ಮತ್ತು ಬೋಧಕೇತರ ಸಿಬ್ಬಂದಿಗೆ ‘ಜ್ಯೋತಿ ಸಂಜೀವಿನಿ’ ಯೋಜನೆಯ ಸೌಲಭ್ಯ ದೊರಕಿಸಲು ಕ್ರಮ ಕೈಗೊಳ್ಳಲಾಗುತ್ತಿದೆ ಎಂದು ಡಿಡಿಪಿಐ ಪಾಂಡುರಂಗ ಅವರು ಗೋಮುಖವಾಗಿ ಸಲ್ಲಿಸಲಿದ್ದಾರೆ.

ಬಾಲಕಿ ಕಣ್ಮರೆ

ಮೈಸೂರು, ಮೇ 12(ಆರ್‌ಕೆ)— 15 ವರ್ಷದ ಬಾಲಕಿ ಕಾಣೆಯಾಗಿರುವ ಬಗ್ಗೆ ಪ್ರಕರಣ ದಾಖಲಾಗಿದೆ. ಮನೆಯಿಂದ ಹೊರ ಹೋದ ಬಾಲಕಿ ಹಿಂತಿರುಗಿಲ್ಲ. 5 ಅಡಿ ಎತ್ತರ, ಕೋಲು ಮುಖ, ಸಾಧಾರಣ ಶರೀರ, ಕಪ್ಪು ಮೈಬಣ್ಣ ಹೊಂದಿದ್ದಾಳೆ. ಈಕೆಯ ಸುಳಿವು ದೊರೆತಲ್ಲಿ ಮೈಸೂರು ನಗರ ಪೊಲೀಸ್ ಕಂಟ್ರೋಲ್ ರೂಂ (0821-2418339) ಅಥವಾ ಸಮೀಪದ ಪೊಲೀಸ್ ಠಾಣೆಗೆ ಮಾಹಿತಿ ನೀಡಬಹುದಾಗಿದೆ.

ಲಿಂಗರಾಜು ನಿಧನ

ಮೈಸೂರಿನ ಕುವೆಂಪುನಗರ ನಿವಾಸಿ, ನಿವೃತ್ತ ಸರ್ಕಾರಿ ನೌಕರ ಲಿಂಗರಾಜು (56) ಅವರು ಹೃದಯಾಘಾತದಿಂದ ಮಂಗಳವಾರ ನಿಧನರಾದರು. ಮೃತರು ಪತ್ನಿ, ಇಬ್ಬರು ಪುತ್ರರು ಸೇರಿದಂತೆ ಅಪಾರ ಬಂಧು–ಬಳಗವನ್ನು ಅಗಲಿದ್ದಾರೆ. ಮೃತರ ಅಂತ್ಯಕ್ರಿಯೆ ಬುಧವಾರ ಬೆಳಿಗ್ಗೆ 11 ಗಂಟೆಗೆ ವಿದ್ಯಾರಣ್ಯಪುರಂ ಚಿತಾಗಾರದಲ್ಲಿ ನಡೆಯಲಿದೆ ಎಂದು ಕುಟುಂಬದ ಮೂಲಗಳು ತಿಳಿಸಿವೆ.
